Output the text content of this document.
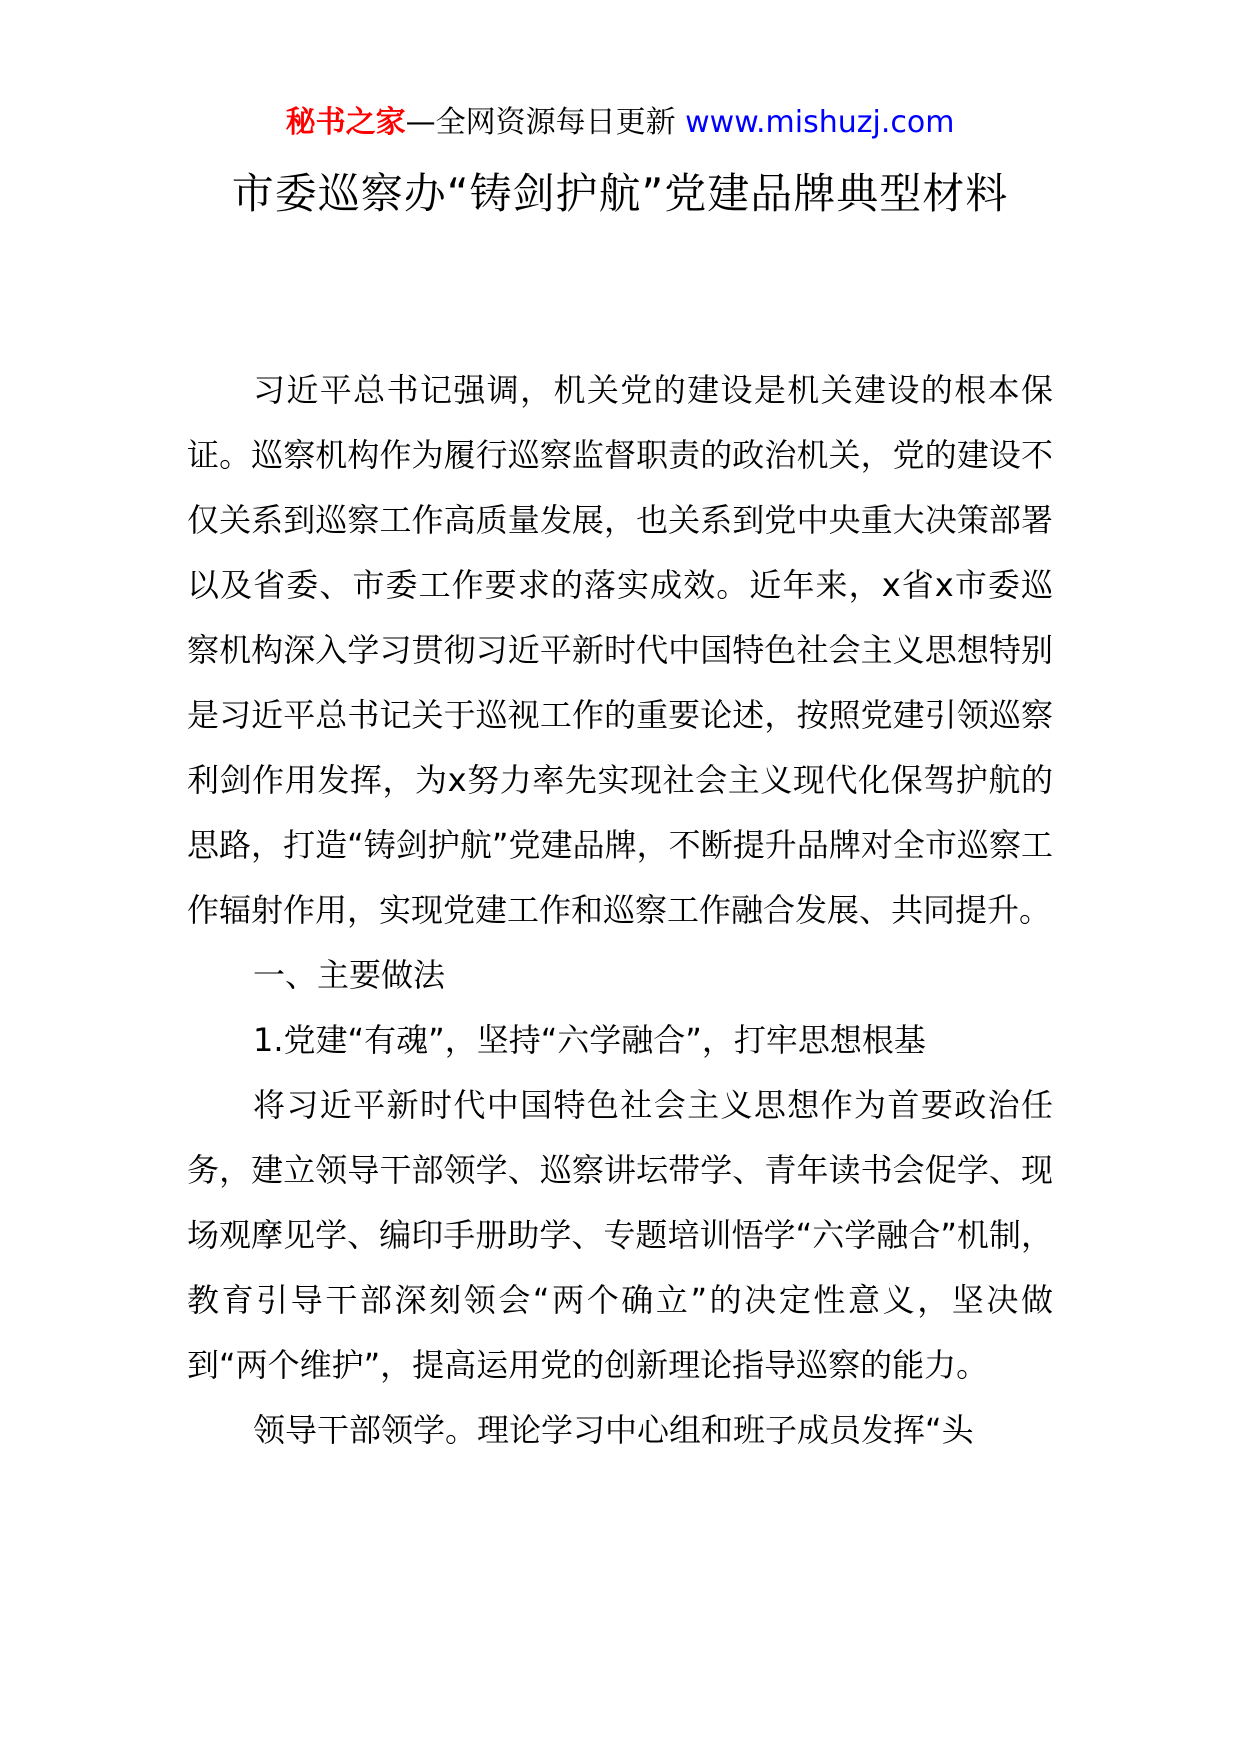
秘书之家—全网资源每日更新 www.mishuzj.com
市委巡察办“铸剑护航”党建品牌典型材料

习近平总书记强调，机关党的建设是机关建设的根本保证。巡察机构作为履行巡察监督职责的政治机关，党的建设不仅关系到巡察工作高质量发展，也关系到党中央重大决策部署以及省委、市委工作要求的落实成效。近年来，x省x市委巡察机构深入学习贯彻习近平新时代中国特色社会主义思想特别是习近平总书记关于巡视工作的重要论述，按照党建引领巡察利剑作用发挥，为x努力率先实现社会主义现代化保驾护航的思路，打造“铸剑护航”党建品牌，不断提升品牌对全市巡察工作辐射作用，实现党建工作和巡察工作融合发展、共同提升。

一、主要做法

1.党建“有魂”，坚持“六学融合”，打牢思想根基

将习近平新时代中国特色社会主义思想作为首要政治任务，建立领导干部领学、巡察讲坛带学、青年读书会促学、现场观摩见学、编印手册助学、专题培训悟学“六学融合”机制，教育引导干部深刻领会“两个确立”的决定性意义，坚决做到“两个维护”，提高运用党的创新理论指导巡察的能力。

领导干部领学。理论学习中心组和班子成员发挥“头
